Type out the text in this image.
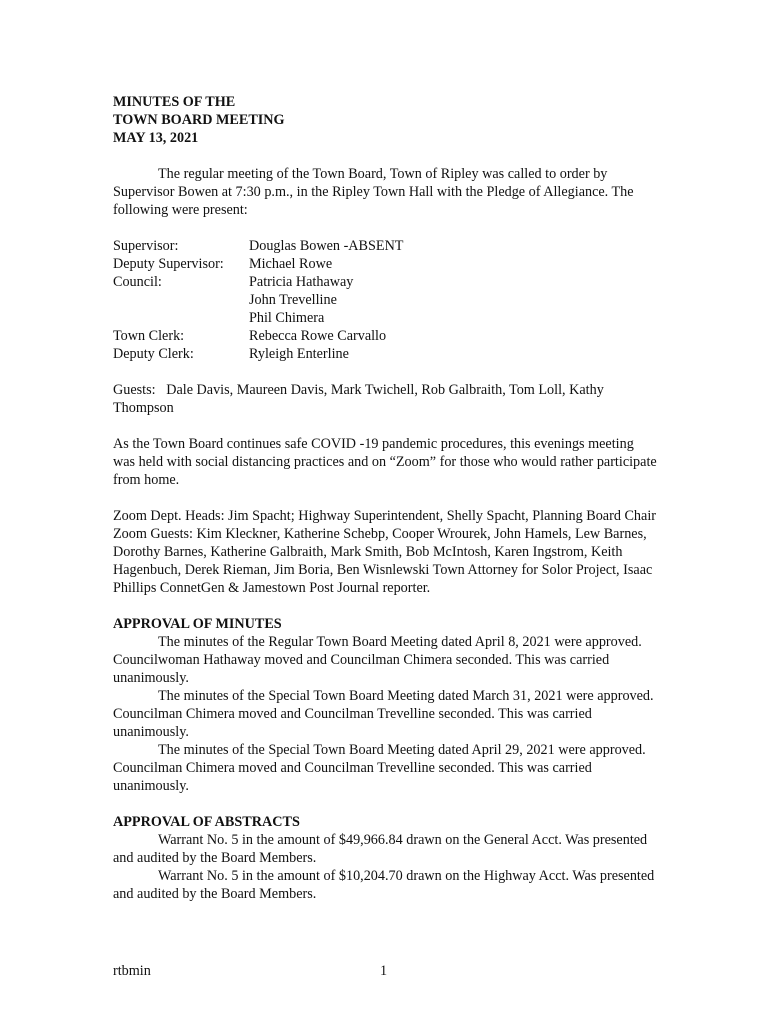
MINUTES OF THE
TOWN BOARD MEETING
MAY 13, 2021

The regular meeting of the Town Board, Town of Ripley was called to order by Supervisor Bowen at 7:30 p.m., in the Ripley Town Hall with the Pledge of Allegiance. The following were present:

Supervisor:	Douglas Bowen -ABSENT
Deputy Supervisor:	Michael Rowe
Council:	Patricia Hathaway
John Trevelline
Phil Chimera
Town Clerk:	Rebecca Rowe Carvallo
Deputy Clerk:	Ryleigh Enterline

Guests:   Dale Davis, Maureen Davis, Mark Twichell, Rob Galbraith, Tom Loll, Kathy Thompson

As the Town Board continues safe COVID -19 pandemic procedures, this evenings meeting was held with social distancing practices and on “Zoom” for those who would rather participate from home.

Zoom Dept. Heads: Jim Spacht; Highway Superintendent, Shelly Spacht, Planning Board Chair

Zoom Guests: Kim Kleckner, Katherine Schebp, Cooper Wrourek, John Hamels, Lew Barnes, Dorothy Barnes, Katherine Galbraith, Mark Smith, Bob McIntosh, Karen Ingstrom, Keith Hagenbuch, Derek Rieman, Jim Boria, Ben Wisnlewski Town Attorney for Solor Project, Isaac Phillips ConnetGen & Jamestown Post Journal reporter.

APPROVAL OF MINUTES

The minutes of the Regular Town Board Meeting dated April 8, 2021 were approved. Councilwoman Hathaway moved and Councilman Chimera seconded. This was carried unanimously.

The minutes of the Special Town Board Meeting dated March 31, 2021 were approved. Councilman Chimera moved and Councilman Trevelline seconded. This was carried unanimously.

The minutes of the Special Town Board Meeting dated April 29, 2021 were approved. Councilman Chimera moved and Councilman Trevelline seconded. This was carried unanimously.

APPROVAL OF ABSTRACTS

Warrant No. 5 in the amount of $49,966.84 drawn on the General Acct. Was presented and audited by the Board Members.

Warrant No. 5 in the amount of $10,204.70 drawn on the Highway Acct. Was presented and audited by the Board Members.

rtbmin	1
